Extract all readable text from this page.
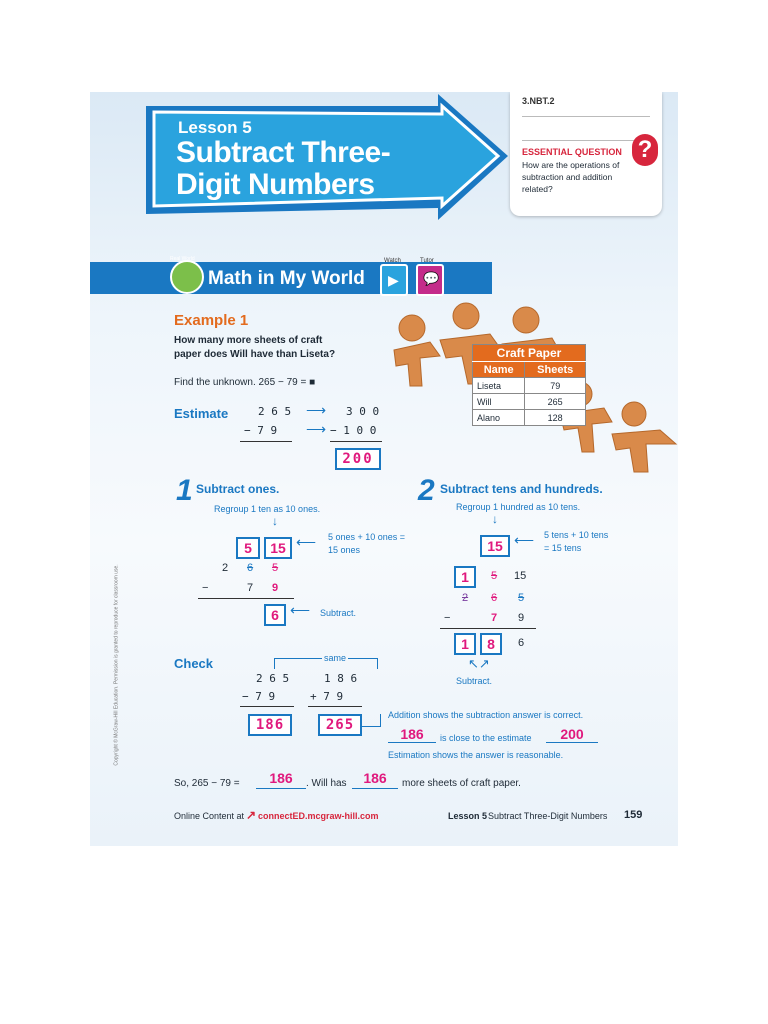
Copyright © McGraw-Hill Education. Permission is granted to reproduce for classroom use.
Lesson 5
Subtract Three-
Digit Numbers
3.NBT.2
ESSENTIAL QUESTION
How are the operations of
subtraction and addition
related?
?
Real World
Math in My World
Watch
▶
Tutor
💬
Craft Paper	
Name	Sheets
Liseta	79
Will	265
Alano	128
Example 1
How many more sheets of craft
paper does Will have than Liseta?
Find the unknown. 265 − 79 = ■
Estimate	2 6 5
− 7 9
⟶
⟶
3 0 0
− 1 0 0
200
1 Subtract ones.
Regroup 1 ten as 10 ones.
↓
5	15 ⟵ 5 ones + 10 ones =
15 ones
2 6 5
−	7 9
6 ⟵ Subtract.
2 Subtract tens and hundreds.
Regroup 1 hundred as 10 tens.
↓
15 ⟵ 5 tens + 10 tens
= 15 tens
1	5 15
2 6 5
−	7 9
1	8	6
↖↗
Subtract.
Check	same
2 6 5
− 7 9
1 8 6
+ 7 9
186	265
Addition shows the subtraction answer is correct.
186	is close to the estimate	200
Estimation shows the answer is reasonable.
So, 265 − 79 =	186	. Will has	186	more sheets of craft paper.
Online Content at ↗ connectED.mcgraw-hill.com	Lesson 5 Subtract Three-Digit Numbers 159
